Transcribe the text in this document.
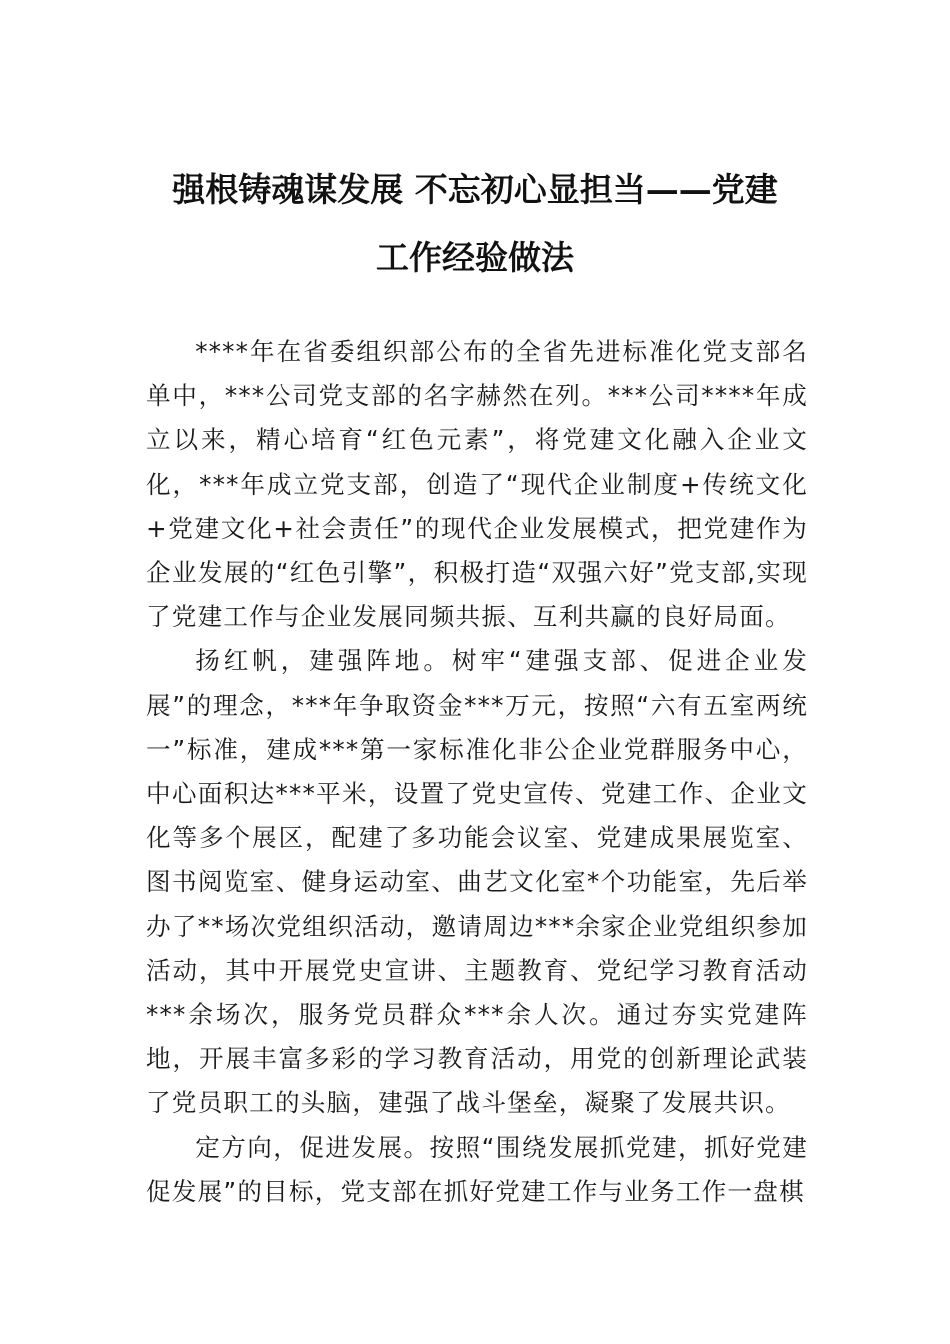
强根铸魂谋发展 不忘初心显担当——党建
工作经验做法

****年在省委组织部公布的全省先进标准化党支部名单中，***公司党支部的名字赫然在列。***公司****年成立以来，精心培育“红色元素”，将党建文化融入企业文化，***年成立党支部，创造了“现代企业制度+传统文化+党建文化+社会责任”的现代企业发展模式，把党建作为企业发展的“红色引擎”，积极打造“双强六好”党支部,实现了党建工作与企业发展同频共振、互利共赢的良好局面。

扬红帆，建强阵地。树牢“建强支部、促进企业发展”的理念，***年争取资金***万元，按照“六有五室两统一”标准，建成***第一家标准化非公企业党群服务中心，中心面积达***平米，设置了党史宣传、党建工作、企业文化等多个展区，配建了多功能会议室、党建成果展览室、图书阅览室、健身运动室、曲艺文化室*个功能室，先后举办了**场次党组织活动，邀请周边***余家企业党组织参加活动，其中开展党史宣讲、主题教育、党纪学习教育活动***余场次，服务党员群众***余人次。通过夯实党建阵地，开展丰富多彩的学习教育活动，用党的创新理论武装了党员职工的头脑，建强了战斗堡垒，凝聚了发展共识。

定方向，促进发展。按照“围绕发展抓党建，抓好党建促发展”的目标，党支部在抓好党建工作与业务工作一盘棋
